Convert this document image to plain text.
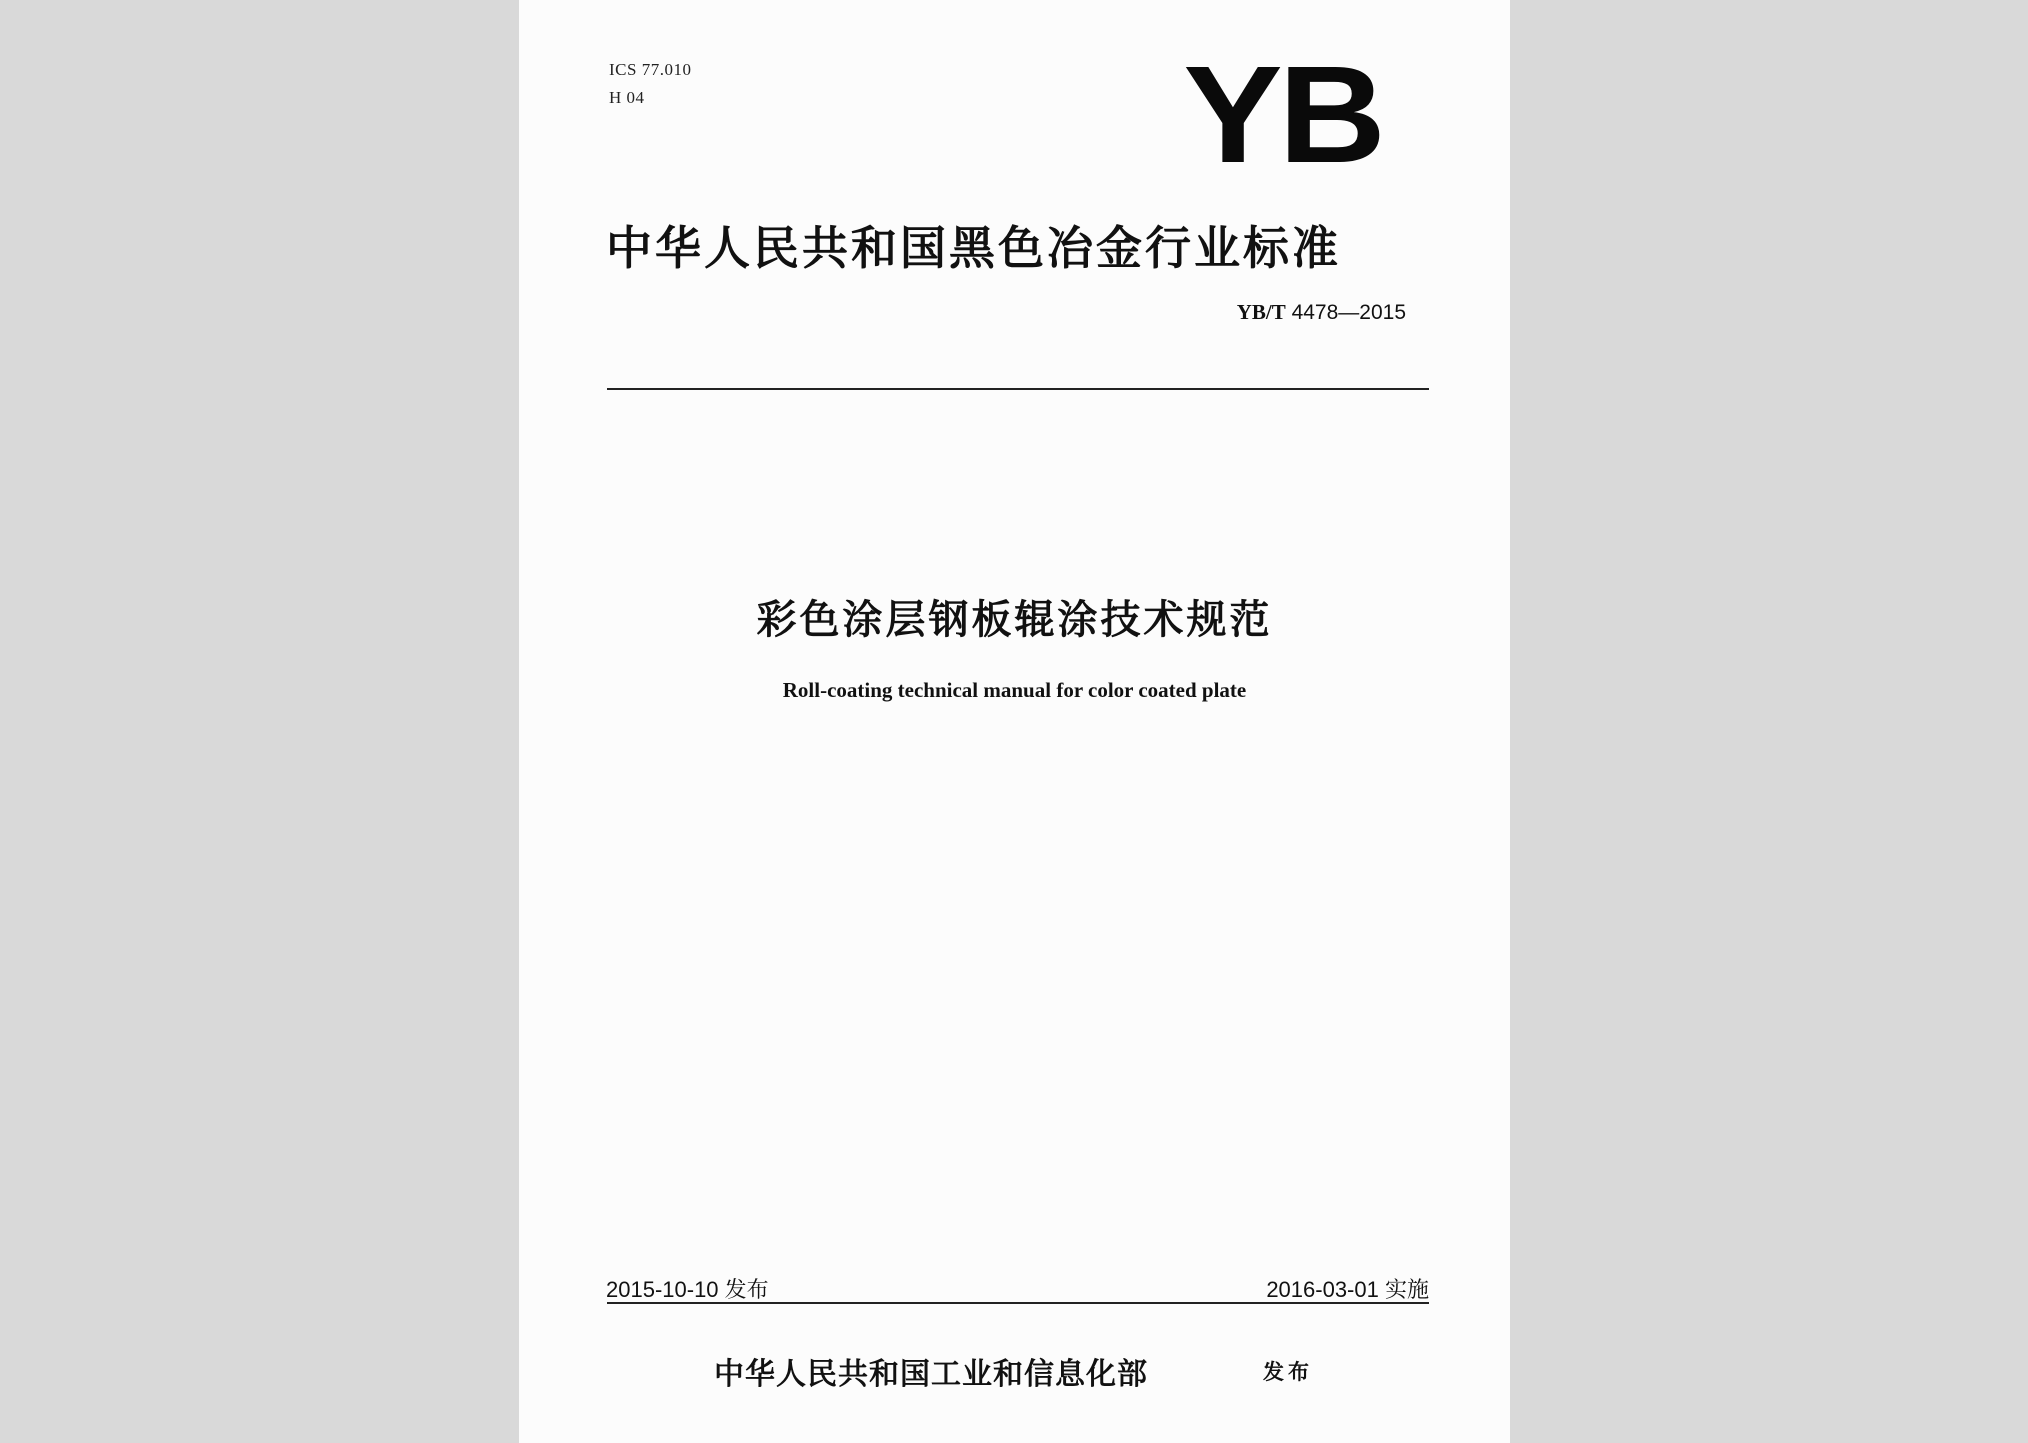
ICS 77.010
H 04	YB
中华人民共和国黑色冶金行业标准
YB/T 4478—2015
彩色涂层钢板辊涂技术规范
Roll-coating technical manual for color coated plate
2015-10-10 发布	2016-03-01 实施
中华人民共和国工业和信息化部	发布
